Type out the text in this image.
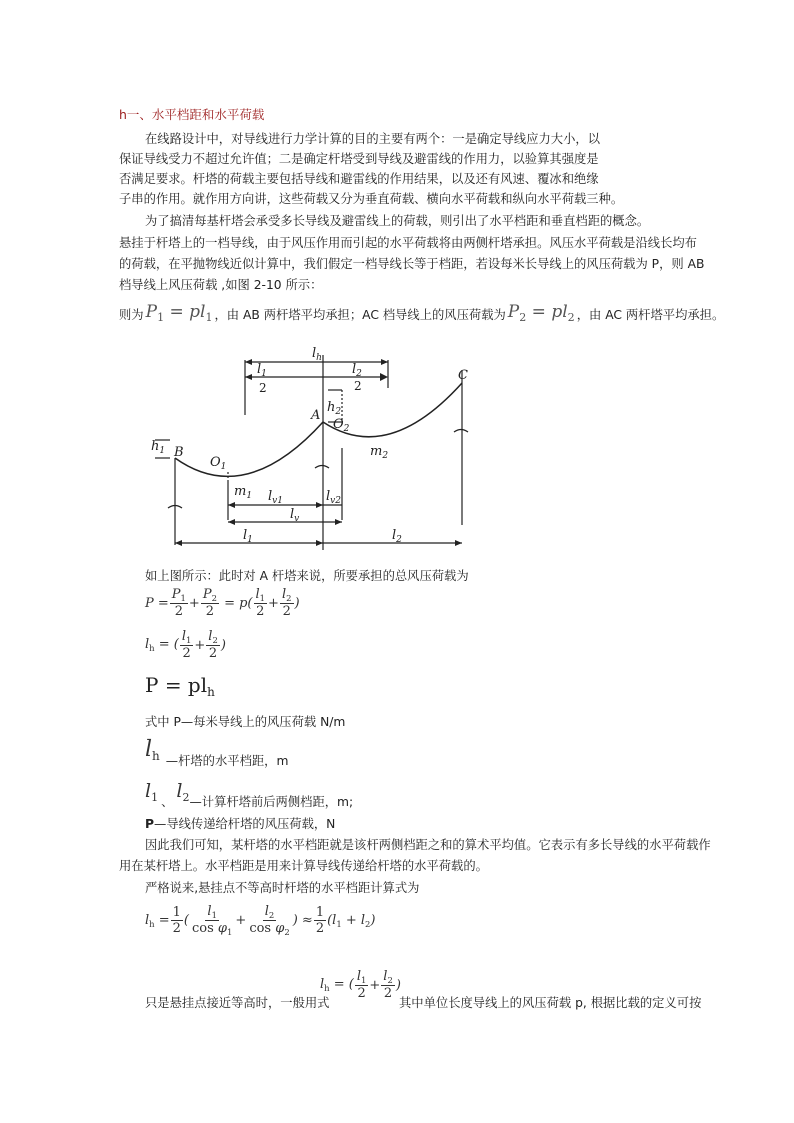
h一、水平档距和水平荷载
在线路设计中，对导线进行力学计算的目的主要有两个：一是确定导线应力大小，以
保证导线受力不超过允许值；二是确定杆塔受到导线及避雷线的作用力，以验算其强度是
否满足要求。杆塔的荷载主要包括导线和避雷线的作用结果，以及还有风速、覆冰和绝缘
子串的作用。就作用方向讲，这些荷载又分为垂直荷载、横向水平荷载和纵向水平荷载三种。
为了搞清每基杆塔会承受多长导线及避雷线上的荷载，则引出了水平档距和垂直档距的概念。
悬挂于杆塔上的一档导线，由于风压作用而引起的水平荷载将由两侧杆塔承担。风压水平荷载是沿线长均布
的荷载，在平抛物线近似计算中，我们假定一档导线长等于档距，若设每米长导线上的风压荷载为 P，则 AB
档导线上风压荷载 ,如图 2-10 所示：
则为 $P_1 = pl_1$ ，由 AB 两杆塔平均承担；AC 档导线上的风压荷载为 $P_2 = pl_2$ ，由 AC 两杆塔平均承担。
$l_h$
$l_1$
2
$l_2$
2
A
B
C
$O_1$
$O_2$
$h_1$
$h_2$
$m_1$
$m_2$
$l_{v1}$	$l_{v2}$
$l_v$
$l_1$	$l_2$
如上图所示：此时对 A 杆塔来说，所要承担的总风压荷载为
$P = \frac{P_1}{2} + \frac{P_2}{2} = p( \frac{l_1}{2} + \frac{l_2}{2}$ )
$l_h$ = ( $\frac{l_1}{2} + \frac{l_2}{2}$ )
$P = pl_h$
式中 P—每米导线上的风压荷载 N/m
$l_h$ —杆塔的水平档距，m
$l_1$ 、 $l_2$ —计算杆塔前后两侧档距，m;
P—导线传递给杆塔的风压荷载，N
因此我们可知，某杆塔的水平档距就是该杆两侧档距之和的算术平均值。它表示有多长导线的水平荷载作
用在某杆塔上。水平档距是用来计算导线传递给杆塔的水平荷载的。
严格说来,悬挂点不等高时杆塔的水平档距计算式为
$l_h = \frac{1}{2}$ ( $\frac{l_1}{\cos \varphi_1} + \frac{l_2}{\cos \varphi_2}$ ) ≈ $\frac{1}{2} (l_1 + l_2)$
$l_h$ = ( $\frac{l_1}{2} + \frac{l_2}{2}$ )
只是悬挂点接近等高时，一般用式	其中单位长度导线上的风压荷载 p, 根据比载的定义可按
